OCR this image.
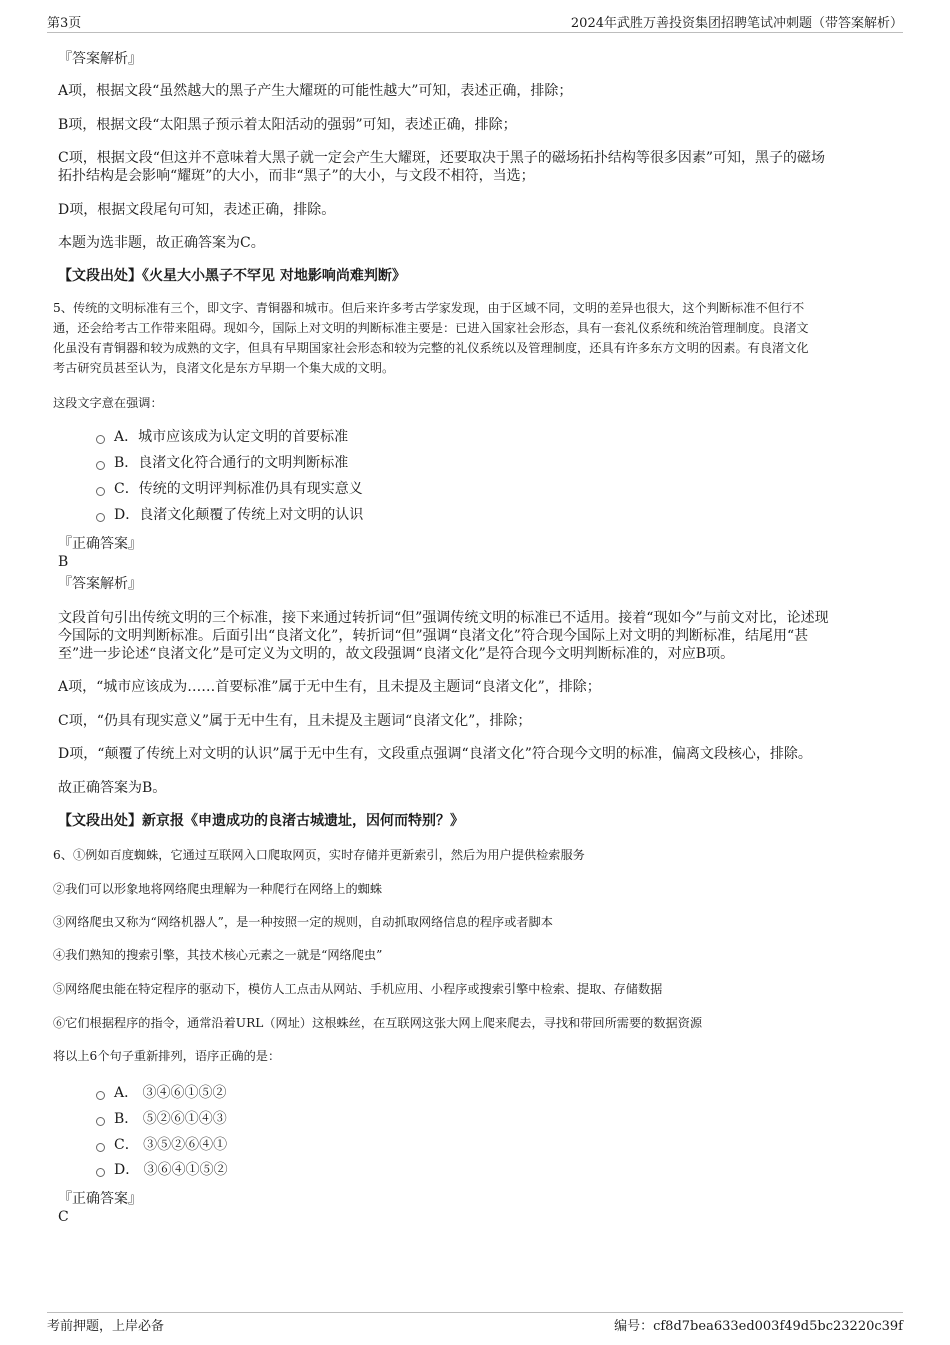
第3页	2024年武胜万善投资集团招聘笔试冲刺题（带答案解析）
『答案解析』
A项，根据文段“虽然越大的黑子产生大耀斑的可能性越大”可知，表述正确，排除；
B项，根据文段“太阳黑子预示着太阳活动的强弱”可知，表述正确，排除；
C项，根据文段“但这并不意味着大黑子就一定会产生大耀斑，还要取决于黑子的磁场拓扑结构等很多因素”可知，黑子的磁场
拓扑结构是会影响“耀斑”的大小，而非“黑子”的大小，与文段不相符，当选；
D项，根据文段尾句可知，表述正确，排除。
本题为选非题，故正确答案为C。
【文段出处】《火星大小黑子不罕见 对地影响尚难判断》
5、传统的文明标准有三个，即文字、青铜器和城市。但后来许多考古学家发现，由于区域不同，文明的差异也很大，这个判断标准不但行不
通，还会给考古工作带来阻碍。现如今，国际上对文明的判断标准主要是：已进入国家社会形态，具有一套礼仪系统和统治管理制度。良渚文
化虽没有青铜器和较为成熟的文字，但具有早期国家社会形态和较为完整的礼仪系统以及管理制度，还具有许多东方文明的因素。有良渚文化
考古研究员甚至认为，良渚文化是东方早期一个集大成的文明。
这段文字意在强调：
A．城市应该成为认定文明的首要标准
B．良渚文化符合通行的文明判断标准
C．传统的文明评判标准仍具有现实意义
D．良渚文化颠覆了传统上对文明的认识
『正确答案』
B
『答案解析』
文段首句引出传统文明的三个标准，接下来通过转折词“但”强调传统文明的标准已不适用。接着“现如今”与前文对比，论述现
今国际的文明判断标准。后面引出“良渚文化”，转折词“但”强调“良渚文化”符合现今国际上对文明的判断标准，结尾用“甚
至”进一步论述“良渚文化”是可定义为文明的，故文段强调“良渚文化”是符合现今文明判断标准的，对应B项。
A项，“城市应该成为……首要标准”属于无中生有，且未提及主题词“良渚文化”，排除；
C项，“仍具有现实意义”属于无中生有，且未提及主题词“良渚文化”，排除；
D项，“颠覆了传统上对文明的认识”属于无中生有，文段重点强调“良渚文化”符合现今文明的标准，偏离文段核心，排除。
故正确答案为B。
【文段出处】新京报《申遗成功的良渚古城遗址，因何而特别？》
6、①例如百度蜘蛛，它通过互联网入口爬取网页，实时存储并更新索引，然后为用户提供检索服务
②我们可以形象地将网络爬虫理解为一种爬行在网络上的蜘蛛
③网络爬虫又称为“网络机器人”，是一种按照一定的规则，自动抓取网络信息的程序或者脚本
④我们熟知的搜索引擎，其技术核心元素之一就是“网络爬虫”
⑤网络爬虫能在特定程序的驱动下，模仿人工点击从网站、手机应用、小程序或搜索引擎中检索、提取、存储数据
⑥它们根据程序的指令，通常沿着URL（网址）这根蛛丝，在互联网这张大网上爬来爬去，寻找和带回所需要的数据资源
将以上6个句子重新排列，语序正确的是：
A． ③④⑥①⑤②
B． ⑤②⑥①④③
C． ③⑤②⑥④①
D． ③⑥④①⑤②
『正确答案』
C
考前押题，上岸必备	编号：cf8d7bea633ed003f49d5bc23220c39f
